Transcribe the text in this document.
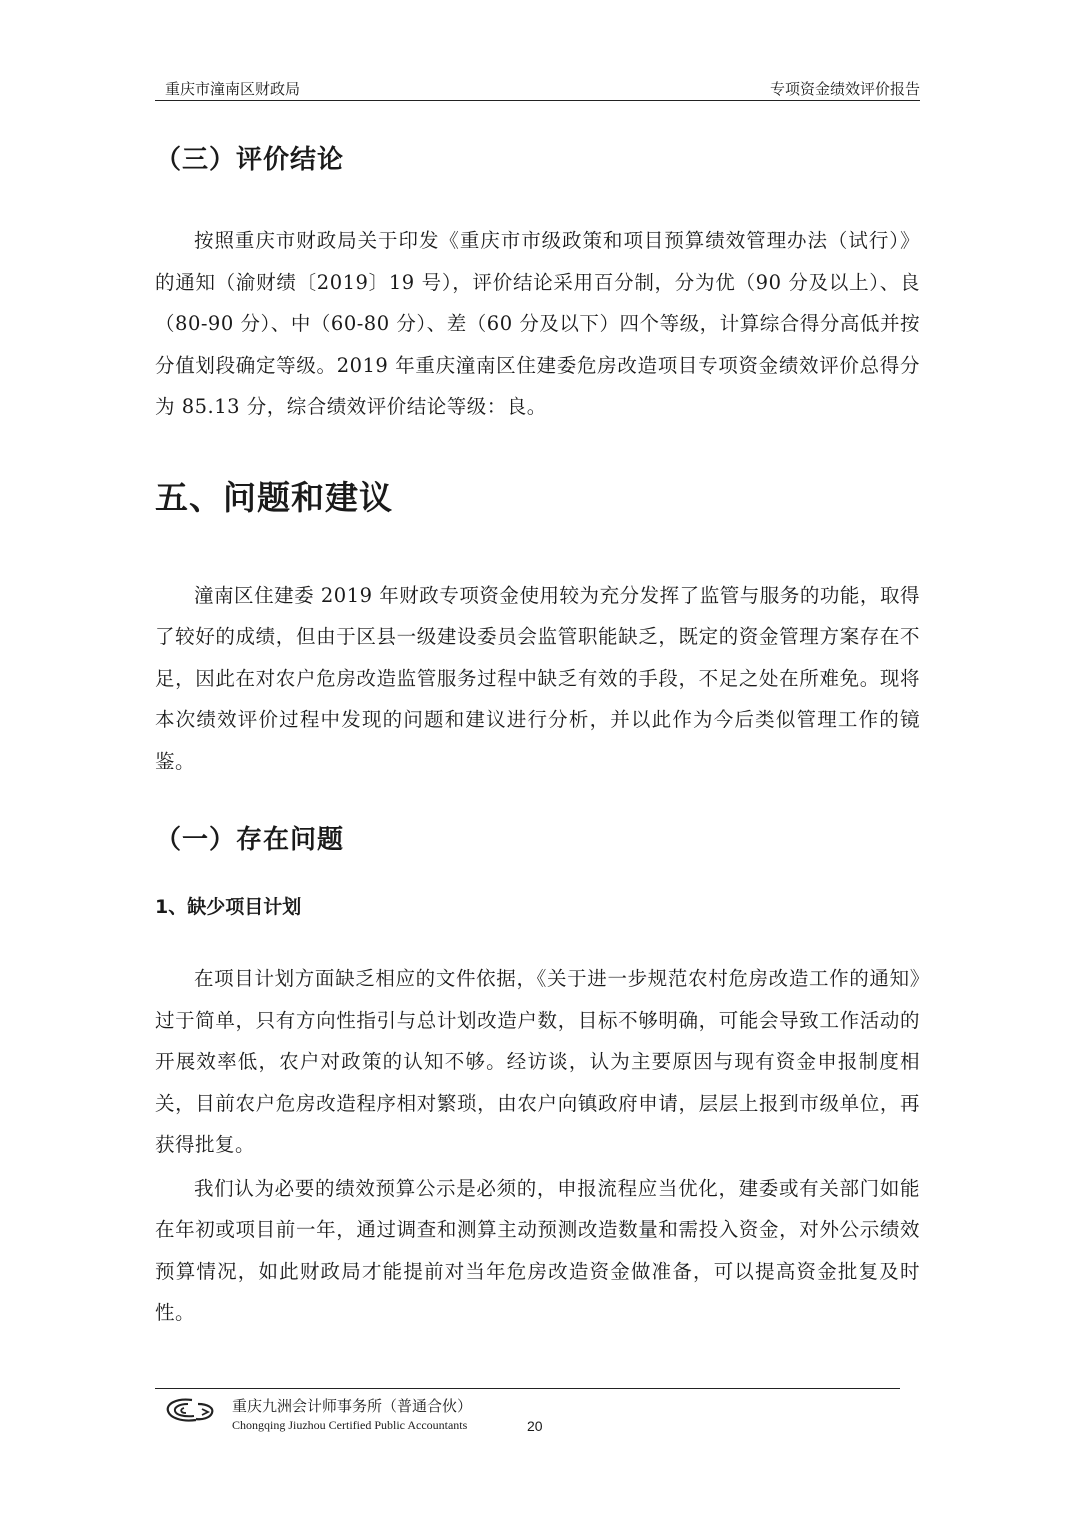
重庆市潼南区财政局	专项资金绩效评价报告
（三）评价结论

按照重庆市财政局关于印发《重庆市市级政策和项目预算绩效管理办法（试行）》的通知（渝财绩〔2019〕19 号），评价结论采用百分制，分为优（90 分及以上）、良（80-90 分）、中（60-80 分）、差（60 分及以下）四个等级，计算综合得分高低并按分值划段确定等级。2019 年重庆潼南区住建委危房改造项目专项资金绩效评价总得分为 85.13 分，综合绩效评价结论等级：良。

五、问题和建议

潼南区住建委 2019 年财政专项资金使用较为充分发挥了监管与服务的功能，取得了较好的成绩，但由于区县一级建设委员会监管职能缺乏，既定的资金管理方案存在不足，因此在对农户危房改造监管服务过程中缺乏有效的手段，不足之处在所难免。现将本次绩效评价过程中发现的问题和建议进行分析，并以此作为今后类似管理工作的镜鉴。

（一）存在问题
1、缺少项目计划

在项目计划方面缺乏相应的文件依据，《关于进一步规范农村危房改造工作的通知》过于简单，只有方向性指引与总计划改造户数，目标不够明确，可能会导致工作活动的开展效率低，农户对政策的认知不够。经访谈，认为主要原因与现有资金申报制度相关，目前农户危房改造程序相对繁琐，由农户向镇政府申请，层层上报到市级单位，再获得批复。

我们认为必要的绩效预算公示是必须的，申报流程应当优化，建委或有关部门如能在年初或项目前一年，通过调查和测算主动预测改造数量和需投入资金，对外公示绩效预算情况，如此财政局才能提前对当年危房改造资金做准备，可以提高资金批复及时性。

重庆九洲会计师事务所（普通合伙）
Chongqing Jiuzhou Certified Public Accountants	20
